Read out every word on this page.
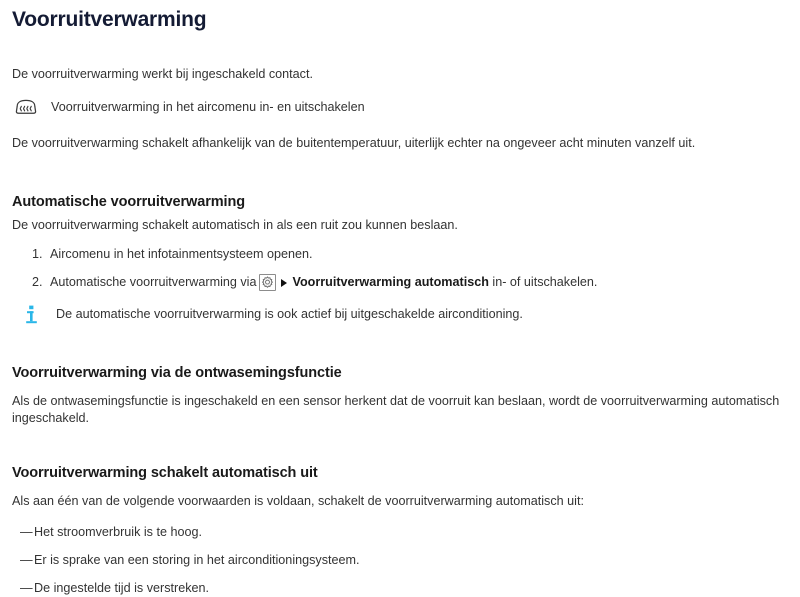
Voorruitverwarming

De voorruitverwarming werkt bij ingeschakeld contact.

Voorruitverwarming in het aircomenu in- en uitschakelen

De voorruitverwarming schakelt afhankelijk van de buitentemperatuur, uiterlijk echter na ongeveer acht minuten vanzelf uit.

Automatische voorruitverwarming

De voorruitverwarming schakelt automatisch in als een ruit zou kunnen beslaan.

1. Aircomenu in het infotainmentsysteem openen.
2. Automatische voorruitverwarming via	Voorruitverwarming automatisch
in- of uitschakelen.
De automatische voorruitverwarming is ook actief bij uitgeschakelde airconditioning.
Voorruitverwarming via de ontwasemingsfunctie

Als de ontwasemingsfunctie is ingeschakeld en een sensor herkent dat de voorruit kan beslaan, wordt de voorruitverwarming automatisch ingeschakeld.

Voorruitverwarming schakelt automatisch uit

Als aan één van de volgende voorwaarden is voldaan, schakelt de voorruitverwarming automatisch uit:

— Het stroomverbruik is te hoog.
— Er is sprake van een storing in het airconditioningsysteem.
— De ingestelde tijd is verstreken.
